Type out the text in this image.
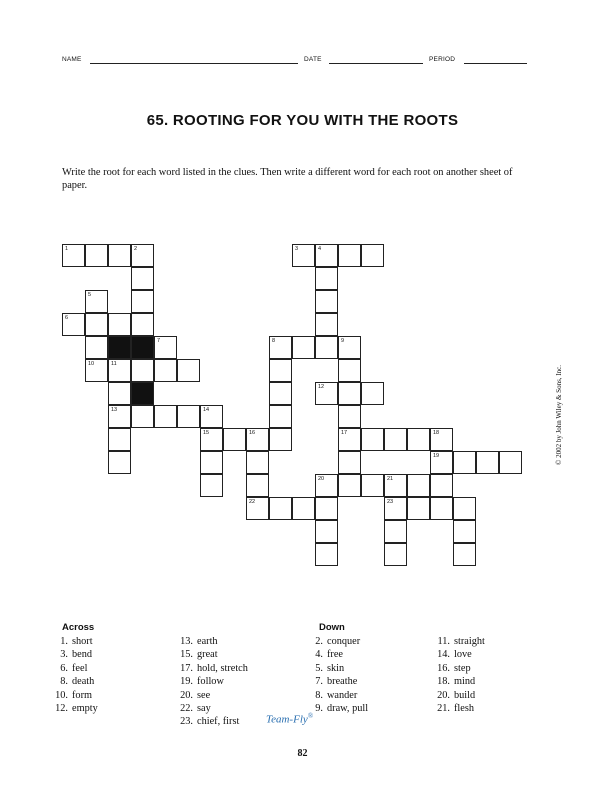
NAME	DATE	PERIOD
65. ROOTING FOR YOU WITH THE ROOTS
Write the root for each word listed in the clues. Then write a different word for each root on another sheet of paper.
© 2002 by John Wiley & Sons, Inc.
1	2	3	4
5
6
7	8	9
10	11
12
13	14
15	16	17	18
19
20	21
22	23
Across	Down
1. short
3. bend
6. feel
8. death
10. form
12. empty
13. earth
15. great
17. hold, stretch
19. follow
20. see
22. say
23. chief, first
2. conquer
4. free
5. skin
7. breathe
8. wander
9. draw, pull
11. straight
14. love
16. step
18. mind
20. build
21. flesh
Team-Fly®
82
